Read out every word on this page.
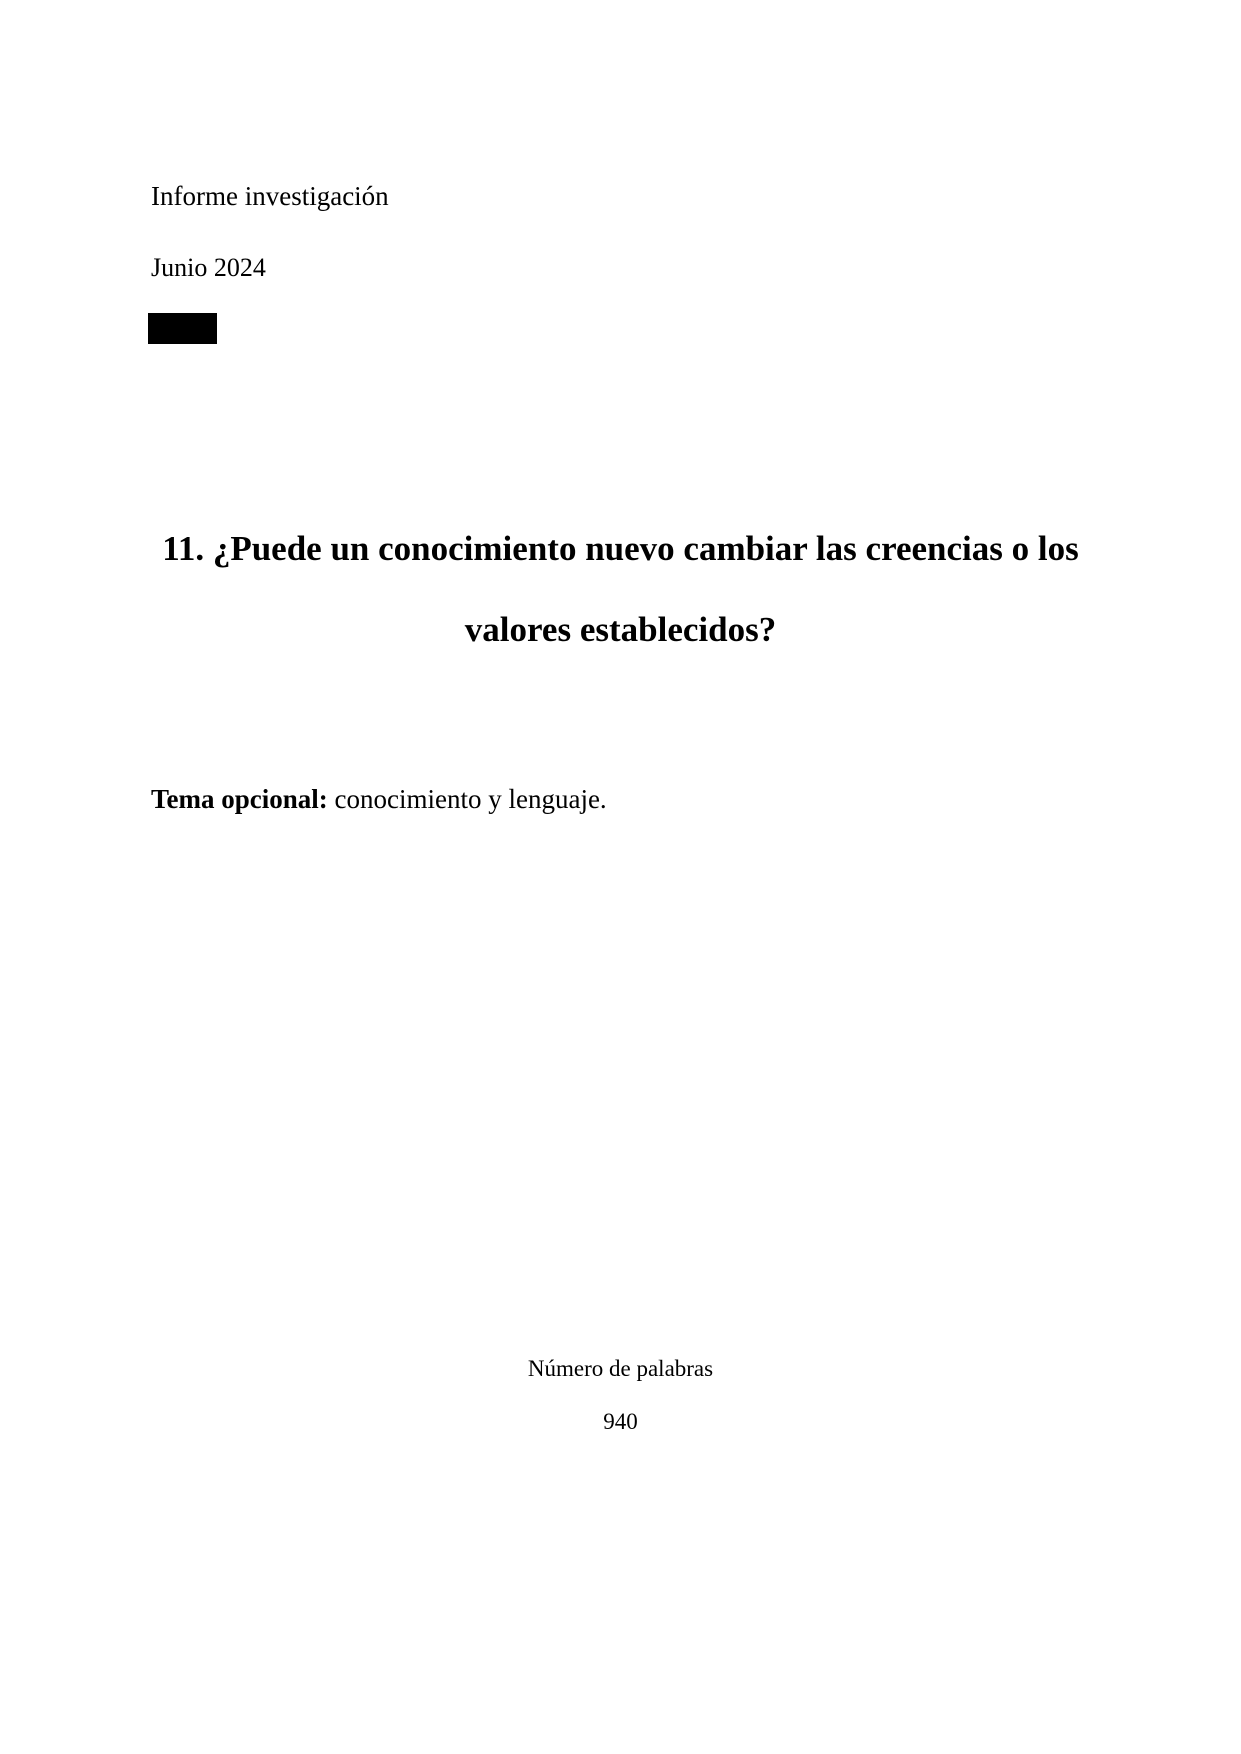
Informe investigación

Junio 2024

11. ¿Puede un conocimiento nuevo cambiar las creencias o los valores establecidos?

Tema opcional: conocimiento y lenguaje.

Número de palabras

940
